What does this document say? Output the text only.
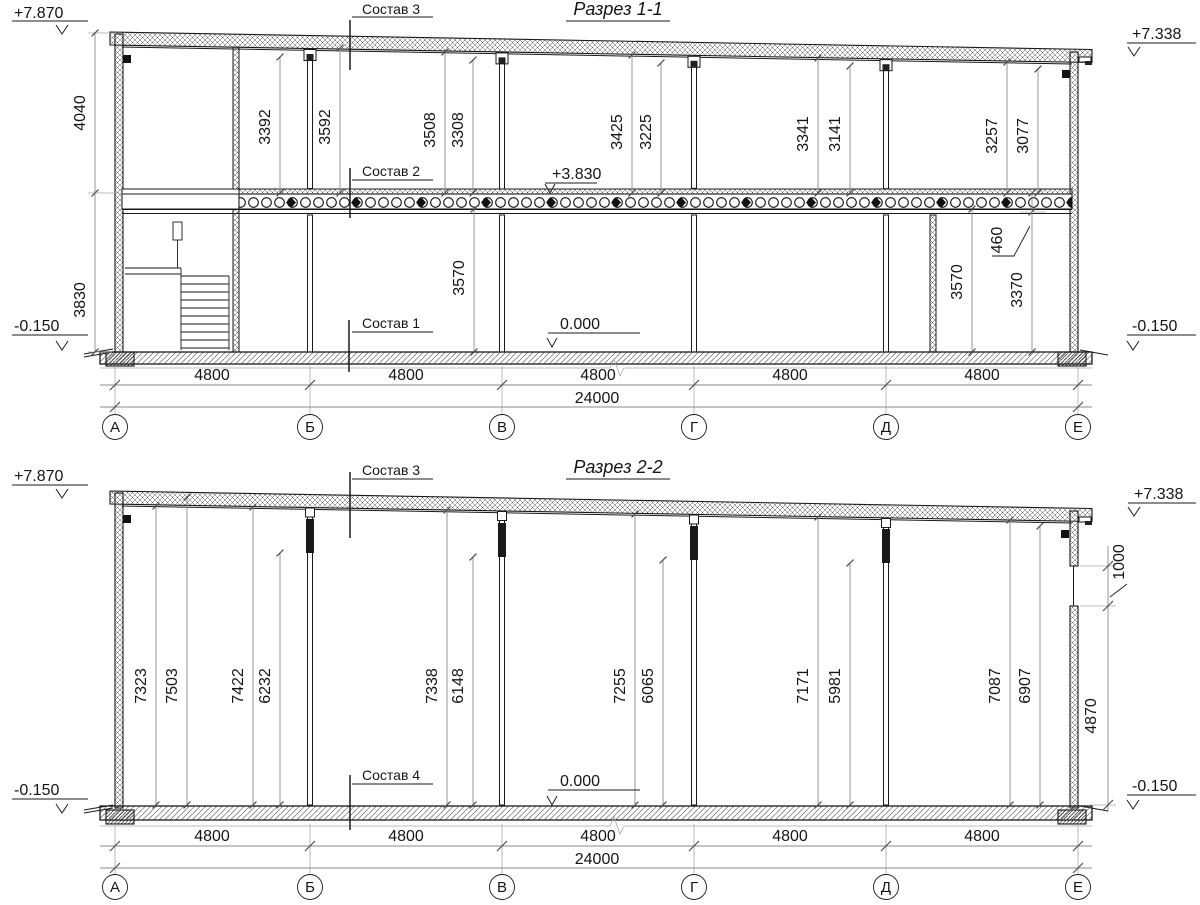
Разрез 1-1
3392	3592	3508 3308	3425 3225	3341 3141	3257 3077
3570	3570
460
3370
4040
3830
+7.870
-0.150
+7.338
-0.150
+3.830
0.000
Состав 3
Состав 2
Состав 1
4800	4800	4800	4800	4800
24000
А	Б	В	Г	Д	Е
Разрез 2-2
7323 7503	7422 6232	7338 6148	7255 6065	7171 5981	7087 6907
1000
4870
+7.870
-0.150
+7.338
-0.150
0.000
Состав 3
Состав 4
4800	4800	4800	4800	4800
24000
А	Б	В	Г	Д	Е
